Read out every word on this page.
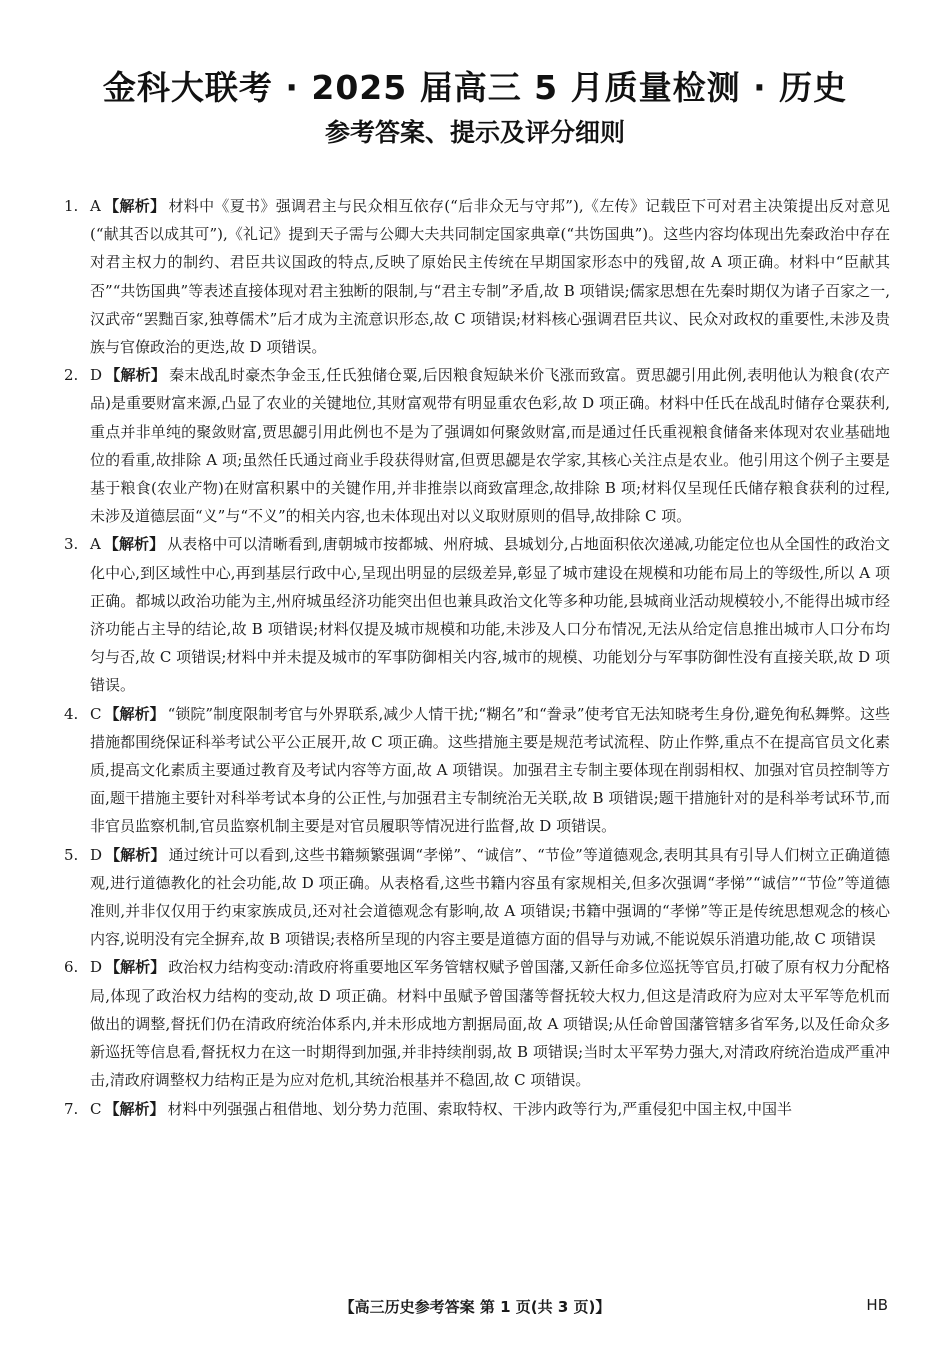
金科大联考 · 2025 届高三 5 月质量检测 · 历史
参考答案、提示及评分细则

1. A 【解析】 材料中《夏书》强调君主与民众相互依存(“后非众无与守邦”),《左传》记载臣下可对君主决策提出反对意见(“献其否以成其可”),《礼记》提到天子需与公卿大夫共同制定国家典章(“共饬国典”)。这些内容均体现出先秦政治中存在对君主权力的制约、君臣共议国政的特点,反映了原始民主传统在早期国家形态中的残留,故 A 项正确。材料中“臣献其否”“共饬国典”等表述直接体现对君主独断的限制,与“君主专制”矛盾,故 B 项错误;儒家思想在先秦时期仅为诸子百家之一,汉武帝“罢黜百家,独尊儒术”后才成为主流意识形态,故 C 项错误;材料核心强调君臣共议、民众对政权的重要性,未涉及贵族与官僚政治的更迭,故 D 项错误。

2. D 【解析】 秦末战乱时豪杰争金玉,任氏独储仓粟,后因粮食短缺米价飞涨而致富。贾思勰引用此例,表明他认为粮食(农产品)是重要财富来源,凸显了农业的关键地位,其财富观带有明显重农色彩,故 D 项正确。材料中任氏在战乱时储存仓粟获利,重点并非单纯的聚敛财富,贾思勰引用此例也不是为了强调如何聚敛财富,而是通过任氏重视粮食储备来体现对农业基础地位的看重,故排除 A 项;虽然任氏通过商业手段获得财富,但贾思勰是农学家,其核心关注点是农业。他引用这个例子主要是基于粮食(农业产物)在财富积累中的关键作用,并非推崇以商致富理念,故排除 B 项;材料仅呈现任氏储存粮食获利的过程,未涉及道德层面“义”与“不义”的相关内容,也未体现出对以义取财原则的倡导,故排除 C 项。

3. A 【解析】 从表格中可以清晰看到,唐朝城市按都城、州府城、县城划分,占地面积依次递减,功能定位也从全国性的政治文化中心,到区域性中心,再到基层行政中心,呈现出明显的层级差异,彰显了城市建设在规模和功能布局上的等级性,所以 A 项正确。都城以政治功能为主,州府城虽经济功能突出但也兼具政治文化等多种功能,县城商业活动规模较小,不能得出城市经济功能占主导的结论,故 B 项错误;材料仅提及城市规模和功能,未涉及人口分布情况,无法从给定信息推出城市人口分布均匀与否,故 C 项错误;材料中并未提及城市的军事防御相关内容,城市的规模、功能划分与军事防御性没有直接关联,故 D 项错误。

4. C 【解析】 “锁院”制度限制考官与外界联系,减少人情干扰;“糊名”和“誊录”使考官无法知晓考生身份,避免徇私舞弊。这些措施都围绕保证科举考试公平公正展开,故 C 项正确。这些措施主要是规范考试流程、防止作弊,重点不在提高官员文化素质,提高文化素质主要通过教育及考试内容等方面,故 A 项错误。加强君主专制主要体现在削弱相权、加强对官员控制等方面,题干措施主要针对科举考试本身的公正性,与加强君主专制统治无关联,故 B 项错误;题干措施针对的是科举考试环节,而非官员监察机制,官员监察机制主要是对官员履职等情况进行监督,故 D 项错误。

5. D 【解析】 通过统计可以看到,这些书籍频繁强调“孝悌”、“诚信”、“节俭”等道德观念,表明其具有引导人们树立正确道德观,进行道德教化的社会功能,故 D 项正确。从表格看,这些书籍内容虽有家规相关,但多次强调“孝悌”“诚信”“节俭”等道德准则,并非仅仅用于约束家族成员,还对社会道德观念有影响,故 A 项错误;书籍中强调的“孝悌”等正是传统思想观念的核心内容,说明没有完全摒弃,故 B 项错误;表格所呈现的内容主要是道德方面的倡导与劝诫,不能说娱乐消遣功能,故 C 项错误

6. D 【解析】 政治权力结构变动:清政府将重要地区军务管辖权赋予曾国藩,又新任命多位巡抚等官员,打破了原有权力分配格局,体现了政治权力结构的变动,故 D 项正确。材料中虽赋予曾国藩等督抚较大权力,但这是清政府为应对太平军等危机而做出的调整,督抚们仍在清政府统治体系内,并未形成地方割据局面,故 A 项错误;从任命曾国藩管辖多省军务,以及任命众多新巡抚等信息看,督抚权力在这一时期得到加强,并非持续削弱,故 B 项错误;当时太平军势力强大,对清政府统治造成严重冲击,清政府调整权力结构正是为应对危机,其统治根基并不稳固,故 C 项错误。

7. C 【解析】 材料中列强强占租借地、划分势力范围、索取特权、干涉内政等行为,严重侵犯中国主权,中国半

【高三历史参考答案 第 1 页(共 3 页)】	HB
